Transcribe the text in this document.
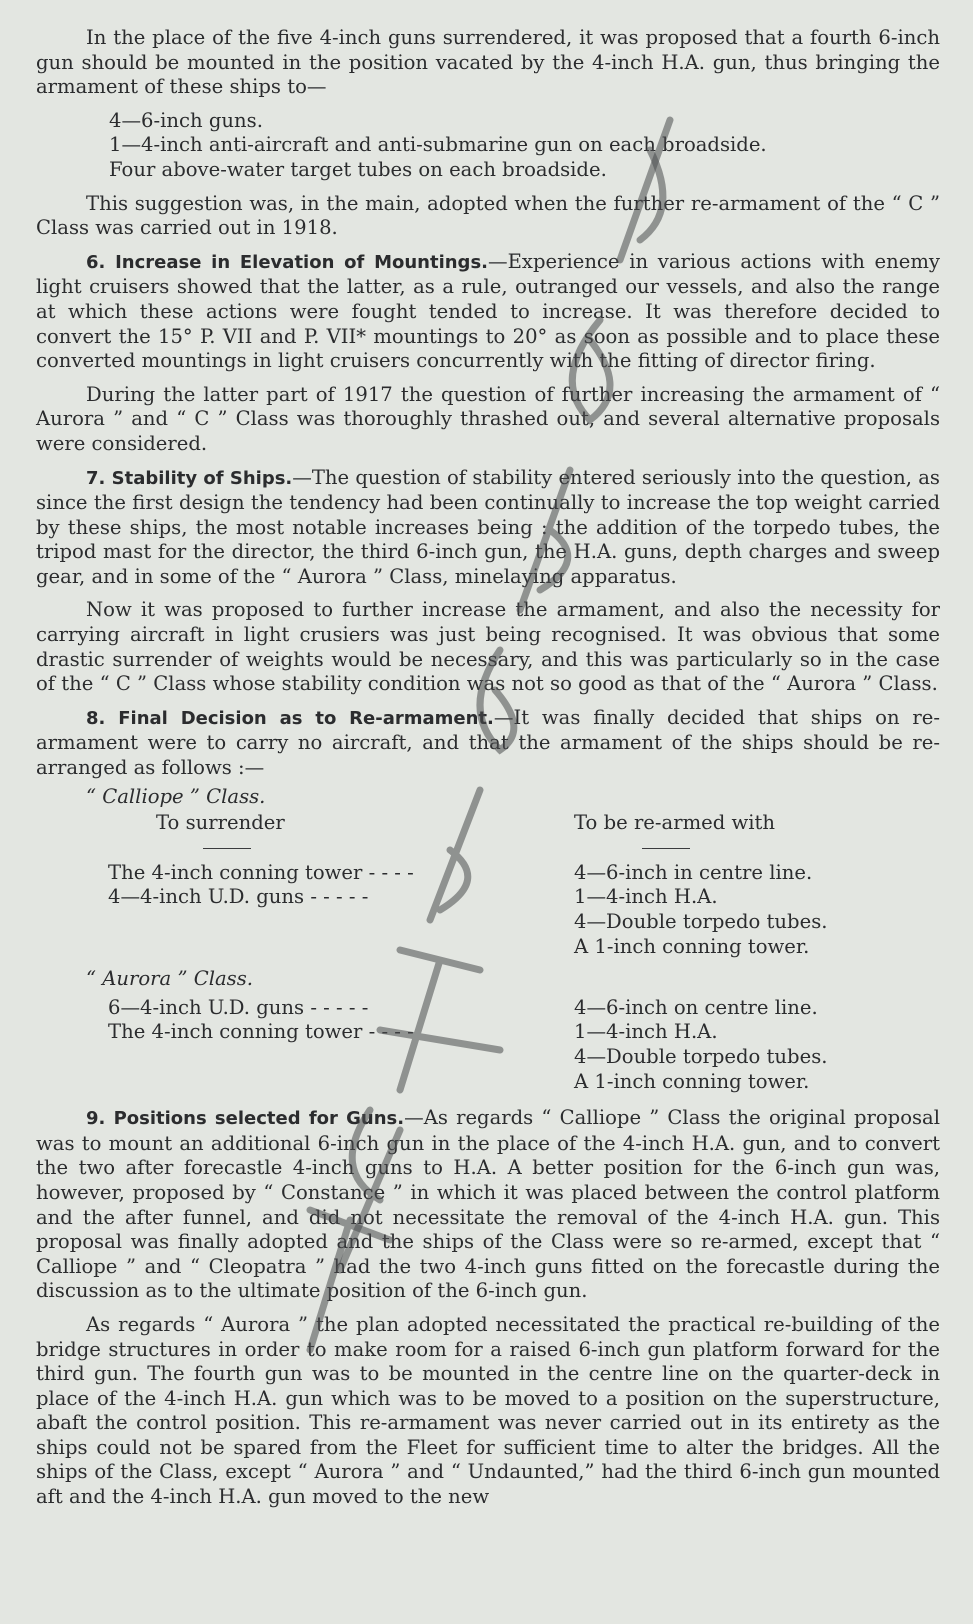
In the place of the five 4-inch guns surrendered, it was proposed that a fourth 6-inch gun should be mounted in the position vacated by the 4-inch H.A. gun, thus bringing the armament of these ships to—

4—6-inch guns.
1—4-inch anti-aircraft and anti-submarine gun on each broadside.
Four above-water target tubes on each broadside.

This suggestion was, in the main, adopted when the further re-armament of the “ C ” Class was carried out in 1918.

6. Increase in Elevation of Mountings.—Experience in various actions with enemy light cruisers showed that the latter, as a rule, outranged our vessels, and also the range at which these actions were fought tended to increase. It was therefore decided to convert the 15° P. VII and P. VII* mountings to 20° as soon as possible and to place these converted mountings in light cruisers concurrently with the fitting of director firing.

During the latter part of 1917 the question of further increasing the armament of “ Aurora ” and “ C ” Class was thoroughly thrashed out, and several alternative proposals were considered.

7. Stability of Ships.—The question of stability entered seriously into the question, as since the first design the tendency had been continually to increase the top weight carried by these ships, the most notable increases being : the addition of the torpedo tubes, the tripod mast for the director, the third 6-inch gun, the H.A. guns, depth charges and sweep gear, and in some of the “ Aurora ” Class, minelaying apparatus.

Now it was proposed to further increase the armament, and also the necessity for carrying aircraft in light crusiers was just being recognised. It was obvious that some drastic surrender of weights would be necessary, and this was particularly so in the case of the “ C ” Class whose stability condition was not so good as that of the “ Aurora ” Class.

8. Final Decision as to Re-armament.—It was finally decided that ships on re-armament were to carry no aircraft, and that the armament of the ships should be re-arranged as follows :—

“ Calliope ” Class.
To surrender
The 4-inch conning tower - - - -
4—4-inch U.D. guns - - - - -
To be re-armed with
4—6-inch in centre line.
1—4-inch H.A.
4—Double torpedo tubes.
A 1-inch conning tower.
“ Aurora ” Class.
6—4-inch U.D. guns - - - - -
The 4-inch conning tower - - - -
4—6-inch on centre line.
1—4-inch H.A.
4—Double torpedo tubes.
A 1-inch conning tower.

9. Positions selected for Guns.—As regards “ Calliope ” Class the original proposal was to mount an additional 6-inch gun in the place of the 4-inch H.A. gun, and to convert the two after forecastle 4-inch guns to H.A. A better position for the 6-inch gun was, however, proposed by “ Constance ” in which it was placed between the control platform and the after funnel, and did not necessitate the removal of the 4-inch H.A. gun. This proposal was finally adopted and the ships of the Class were so re-armed, except that “ Calliope ” and “ Cleopatra ” had the two 4-inch guns fitted on the forecastle during the discussion as to the ultimate position of the 6-inch gun.

As regards “ Aurora ” the plan adopted necessitated the practical re-building of the bridge structures in order to make room for a raised 6-inch gun platform forward for the third gun. The fourth gun was to be mounted in the centre line on the quarter-deck in place of the 4-inch H.A. gun which was to be moved to a position on the superstructure, abaft the control position. This re-armament was never carried out in its entirety as the ships could not be spared from the Fleet for sufficient time to alter the bridges. All the ships of the Class, except “ Aurora ” and “ Undaunted,” had the third 6-inch gun mounted aft and the 4-inch H.A. gun moved to the new
